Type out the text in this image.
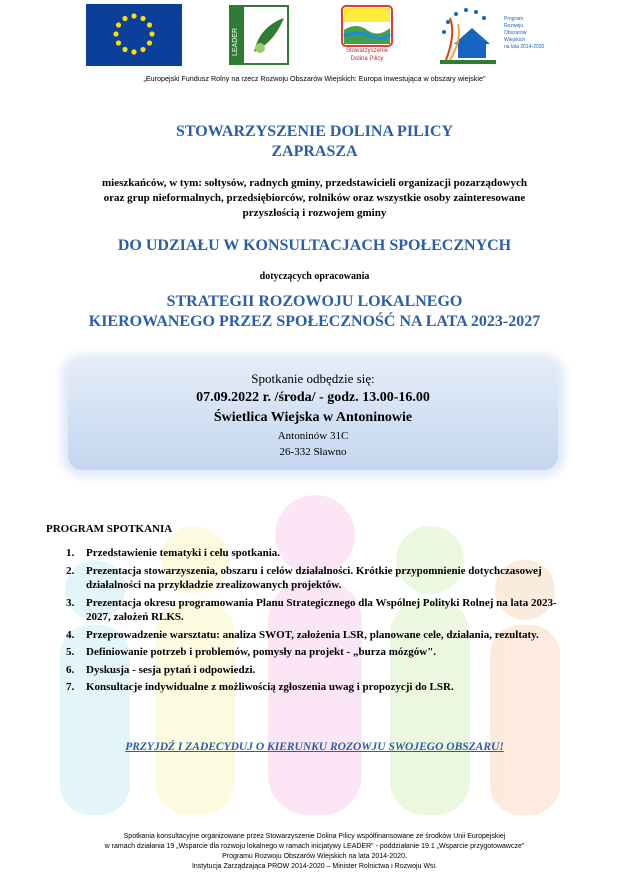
LEADER	Stowarzyszenie
Dolina Pilicy
Program
Rozwoju
Obszarów
Wiejskich
na lata 2014-2020
„Europejski Fundusz Rolny na rzecz Rozwoju Obszarów Wiejskich: Europa inwestująca w obszary wiejskie"
STOWARZYSZENIE DOLINA PILICY
ZAPRASZA
mieszkańców, w tym: sołtysów, radnych gminy, przedstawicieli organizacji pozarządowych
oraz grup nieformalnych, przedsiębiorców, rolników oraz wszystkie osoby zainteresowane
przyszłością i rozwojem gminy
DO UDZIAŁU W KONSULTACJACH SPOŁECZNYCH
dotyczących opracowania
STRATEGII ROZOWOJU LOKALNEGO
KIEROWANEGO PRZEZ SPOŁECZNOŚĆ NA LATA 2023-2027
Spotkanie odbędzie się:
07.09.2022 r. /środa/ - godz. 13.00-16.00
Świetlica Wiejska w Antoninowie
Antoninów 31C
26-332 Sławno
PROGRAM SPOTKANIA
1. Przedstawienie tematyki i celu spotkania.
2. Prezentacja stowarzyszenia, obszaru i celów działalności. Krótkie przypomnienie dotychczasowej działalności na przykładzie zrealizowanych projektów.
3. Prezentacja okresu programowania Planu Strategicznego dla Wspólnej Polityki Rolnej na lata 2023-2027, założeń RLKS.
4. Przeprowadzenie warsztatu: analiza SWOT, założenia LSR, planowane cele, działania, rezultaty.
5. Definiowanie potrzeb i problemów, pomysły na projekt - „burza mózgów".
6. Dyskusja - sesja pytań i odpowiedzi.
7. Konsultacje indywidualne z możliwością zgłoszenia uwag i propozycji do LSR.
PRZYJDŹ I ZADECYDUJ O KIERUNKU ROZOWJU SWOJEGO OBSZARU!
Spotkania konsultacyjne organizowane przez Stowarzyszenie Dolina Pilicy współfinansowane ze środków Unii Europejskiej
w ramach działania 19 „Wsparcie dla rozwoju lokalnego w ramach inicjatywy LEADER" - poddziałanie 19.1 „Wsparcie przygotowawcze"
Programu Rozwoju Obszarów Wiejskich na lata 2014-2020.
Instytucja Zarządzająca PROW 2014-2020 – Minister Rolnictwa i Rozwoju Wsi.
